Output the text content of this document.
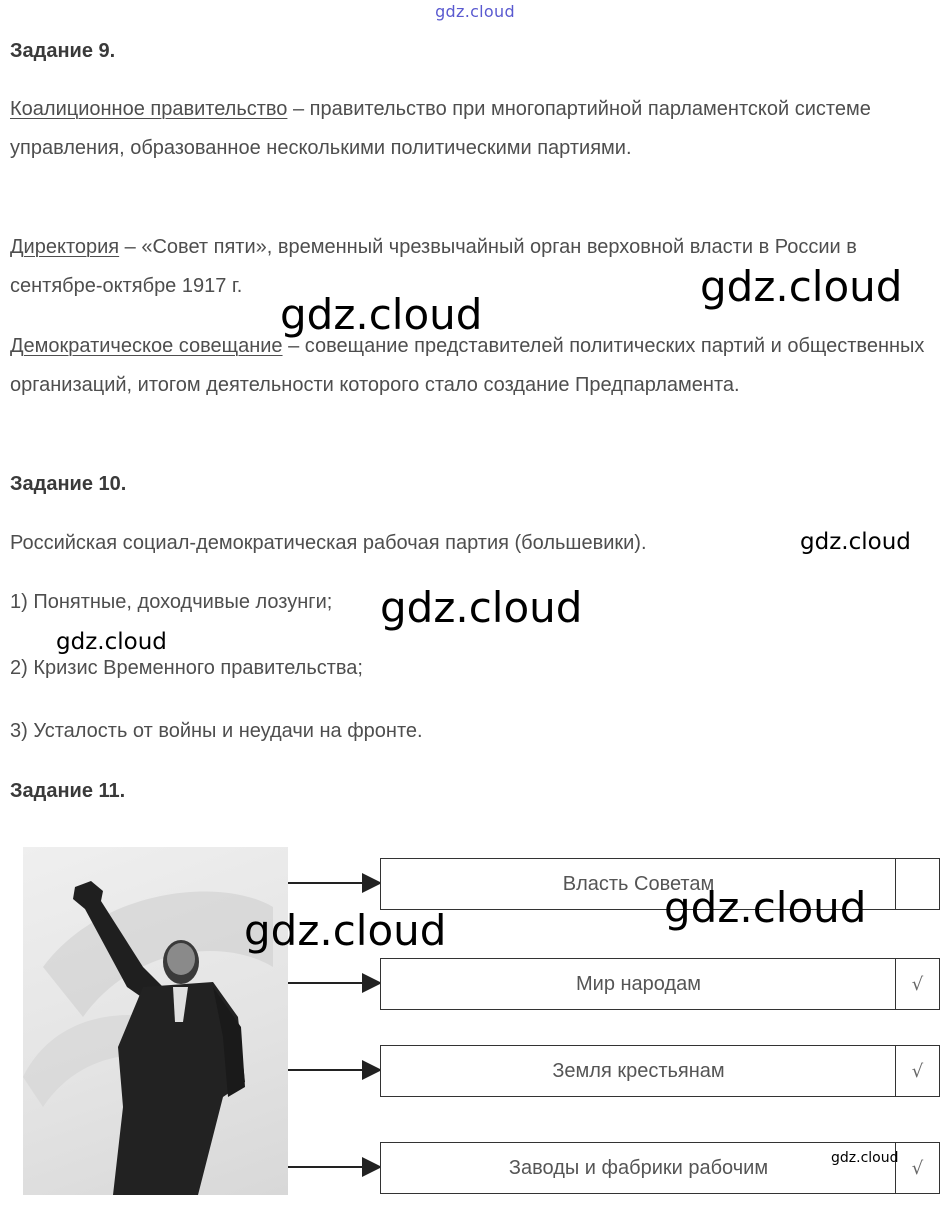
gdz.cloud
Задание 9.
Коалиционное правительство – правительство при многопартийной парламентской системе управления, образованное несколькими политическими партиями.
Директория – «Совет пяти», временный чрезвычайный орган верховной власти в России в сентябре-октябре 1917 г.
Демократическое совещание – совещание представителей политических партий и общественных организаций, итогом деятельности которого стало создание Предпарламента.
Задание 10.
Российская социал-демократическая рабочая партия (большевики).
1) Понятные, доходчивые лозунги;
2) Кризис Временного правительства;
3) Усталость от войны и неудачи на фронте.
Задание 11.
Власть Советам
Мир народам	√
Земля крестьянам	√
Заводы и фабрики рабочим	√
gdz.cloud
gdz.cloud
gdz.cloud
gdz.cloud
gdz.cloud
gdz.cloud
gdz.cloud
gdz.cloud
